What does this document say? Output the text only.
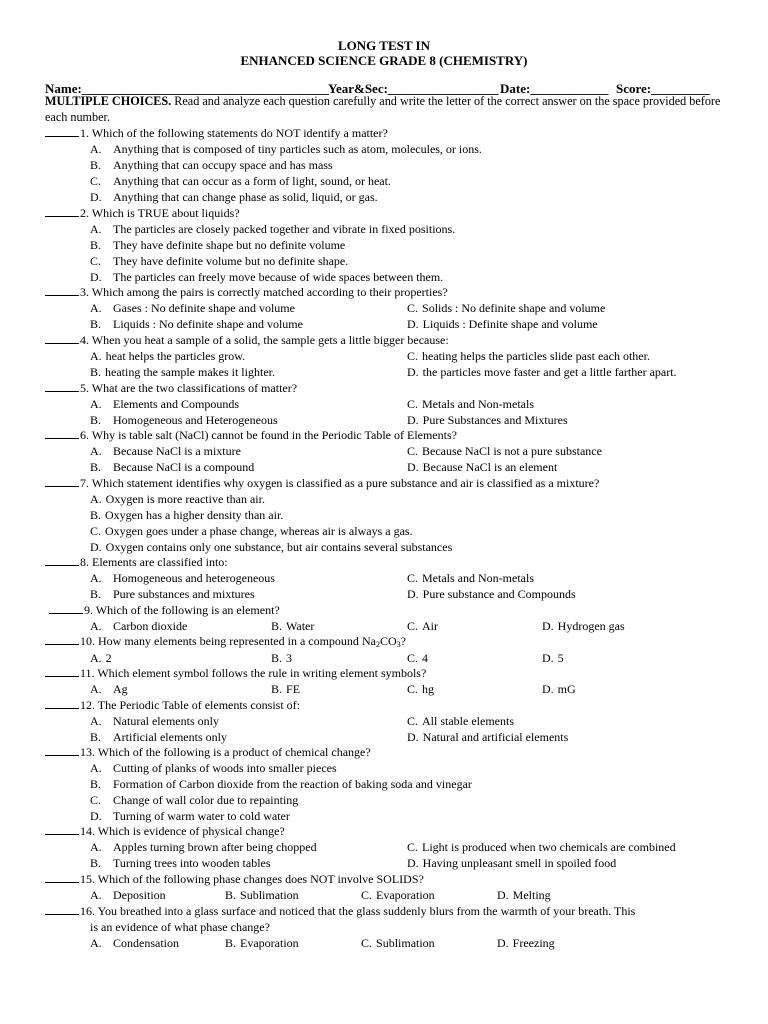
LONG TEST IN
ENHANCED SCIENCE GRADE 8 (CHEMISTRY)
Name:______________________________________ Year&Sec:_________________ Date:____________ Score:_________
MULTIPLE CHOICES. Read and analyze each question carefully and write the letter of the correct answer on the space provided before each number.
1. Which of the following statements do NOT identify a matter?
A. Anything that is composed of tiny particles such as atom, molecules, or ions.
B. Anything that can occupy space and has mass
C. Anything that can occur as a form of light, sound, or heat.
D. Anything that can change phase as solid, liquid, or gas.
2. Which is TRUE about liquids?
A. The particles are closely packed together and vibrate in fixed positions.
B. They have definite shape but no definite volume
C. They have definite volume but no definite shape.
D. The particles can freely move because of wide spaces between them.
3. Which among the pairs is correctly matched according to their properties?
A. Gases : No definite shape and volume	C. Solids : No definite shape and volume
B. Liquids : No definite shape and volume	D. Liquids : Definite shape and volume
4. When you heat a sample of a solid, the sample gets a little bigger because:
A. heat helps the particles grow.	C. heating helps the particles slide past each other.
B. heating the sample makes it lighter.	D. the particles move faster and get a little farther apart.
5. What are the two classifications of matter?
A. Elements and Compounds	C. Metals and Non-metals
B. Homogeneous and Heterogeneous	D. Pure Substances and Mixtures
6. Why is table salt (NaCl) cannot be found in the Periodic Table of Elements?
A. Because NaCl is a mixture	C. Because NaCl is not a pure substance
B. Because NaCl is a compound	D. Because NaCl is an element
7. Which statement identifies why oxygen is classified as a pure substance and air is classified as a mixture?
A. Oxygen is more reactive than air.
B. Oxygen has a higher density than air.
C. Oxygen goes under a phase change, whereas air is always a gas.
D. Oxygen contains only one substance, but air contains several substances
8. Elements are classified into:
A. Homogeneous and heterogeneous	C. Metals and Non-metals
B. Pure substances and mixtures	D. Pure substance and Compounds
9. Which of the following is an element?
A. Carbon dioxide	B. Water	C. Air	D. Hydrogen gas
10. How many elements being represented in a compound $Na_2CO_3$?
A. 2	B. 3	C. 4	D. 5
11. Which element symbol follows the rule in writing element symbols?
A. Ag	B. FE	C. hg	D. mG
12. The Periodic Table of elements consist of:
A. Natural elements only	C. All stable elements
B. Artificial elements only	D. Natural and artificial elements
13. Which of the following is a product of chemical change?
A. Cutting of planks of woods into smaller pieces
B. Formation of Carbon dioxide from the reaction of baking soda and vinegar
C. Change of wall color due to repainting
D. Turning of warm water to cold water
14. Which is evidence of physical change?
A. Apples turning brown after being chopped	C. Light is produced when two chemicals are combined
B. Turning trees into wooden tables	D. Having unpleasant smell in spoiled food
15. Which of the following phase changes does NOT involve SOLIDS?
A. Deposition	B. Sublimation	C. Evaporation	D. Melting
16. You breathed into a glass surface and noticed that the glass suddenly blurs from the warmth of your breath. This
is an evidence of what phase change?
A. Condensation	B. Evaporation	C. Sublimation	D. Freezing
